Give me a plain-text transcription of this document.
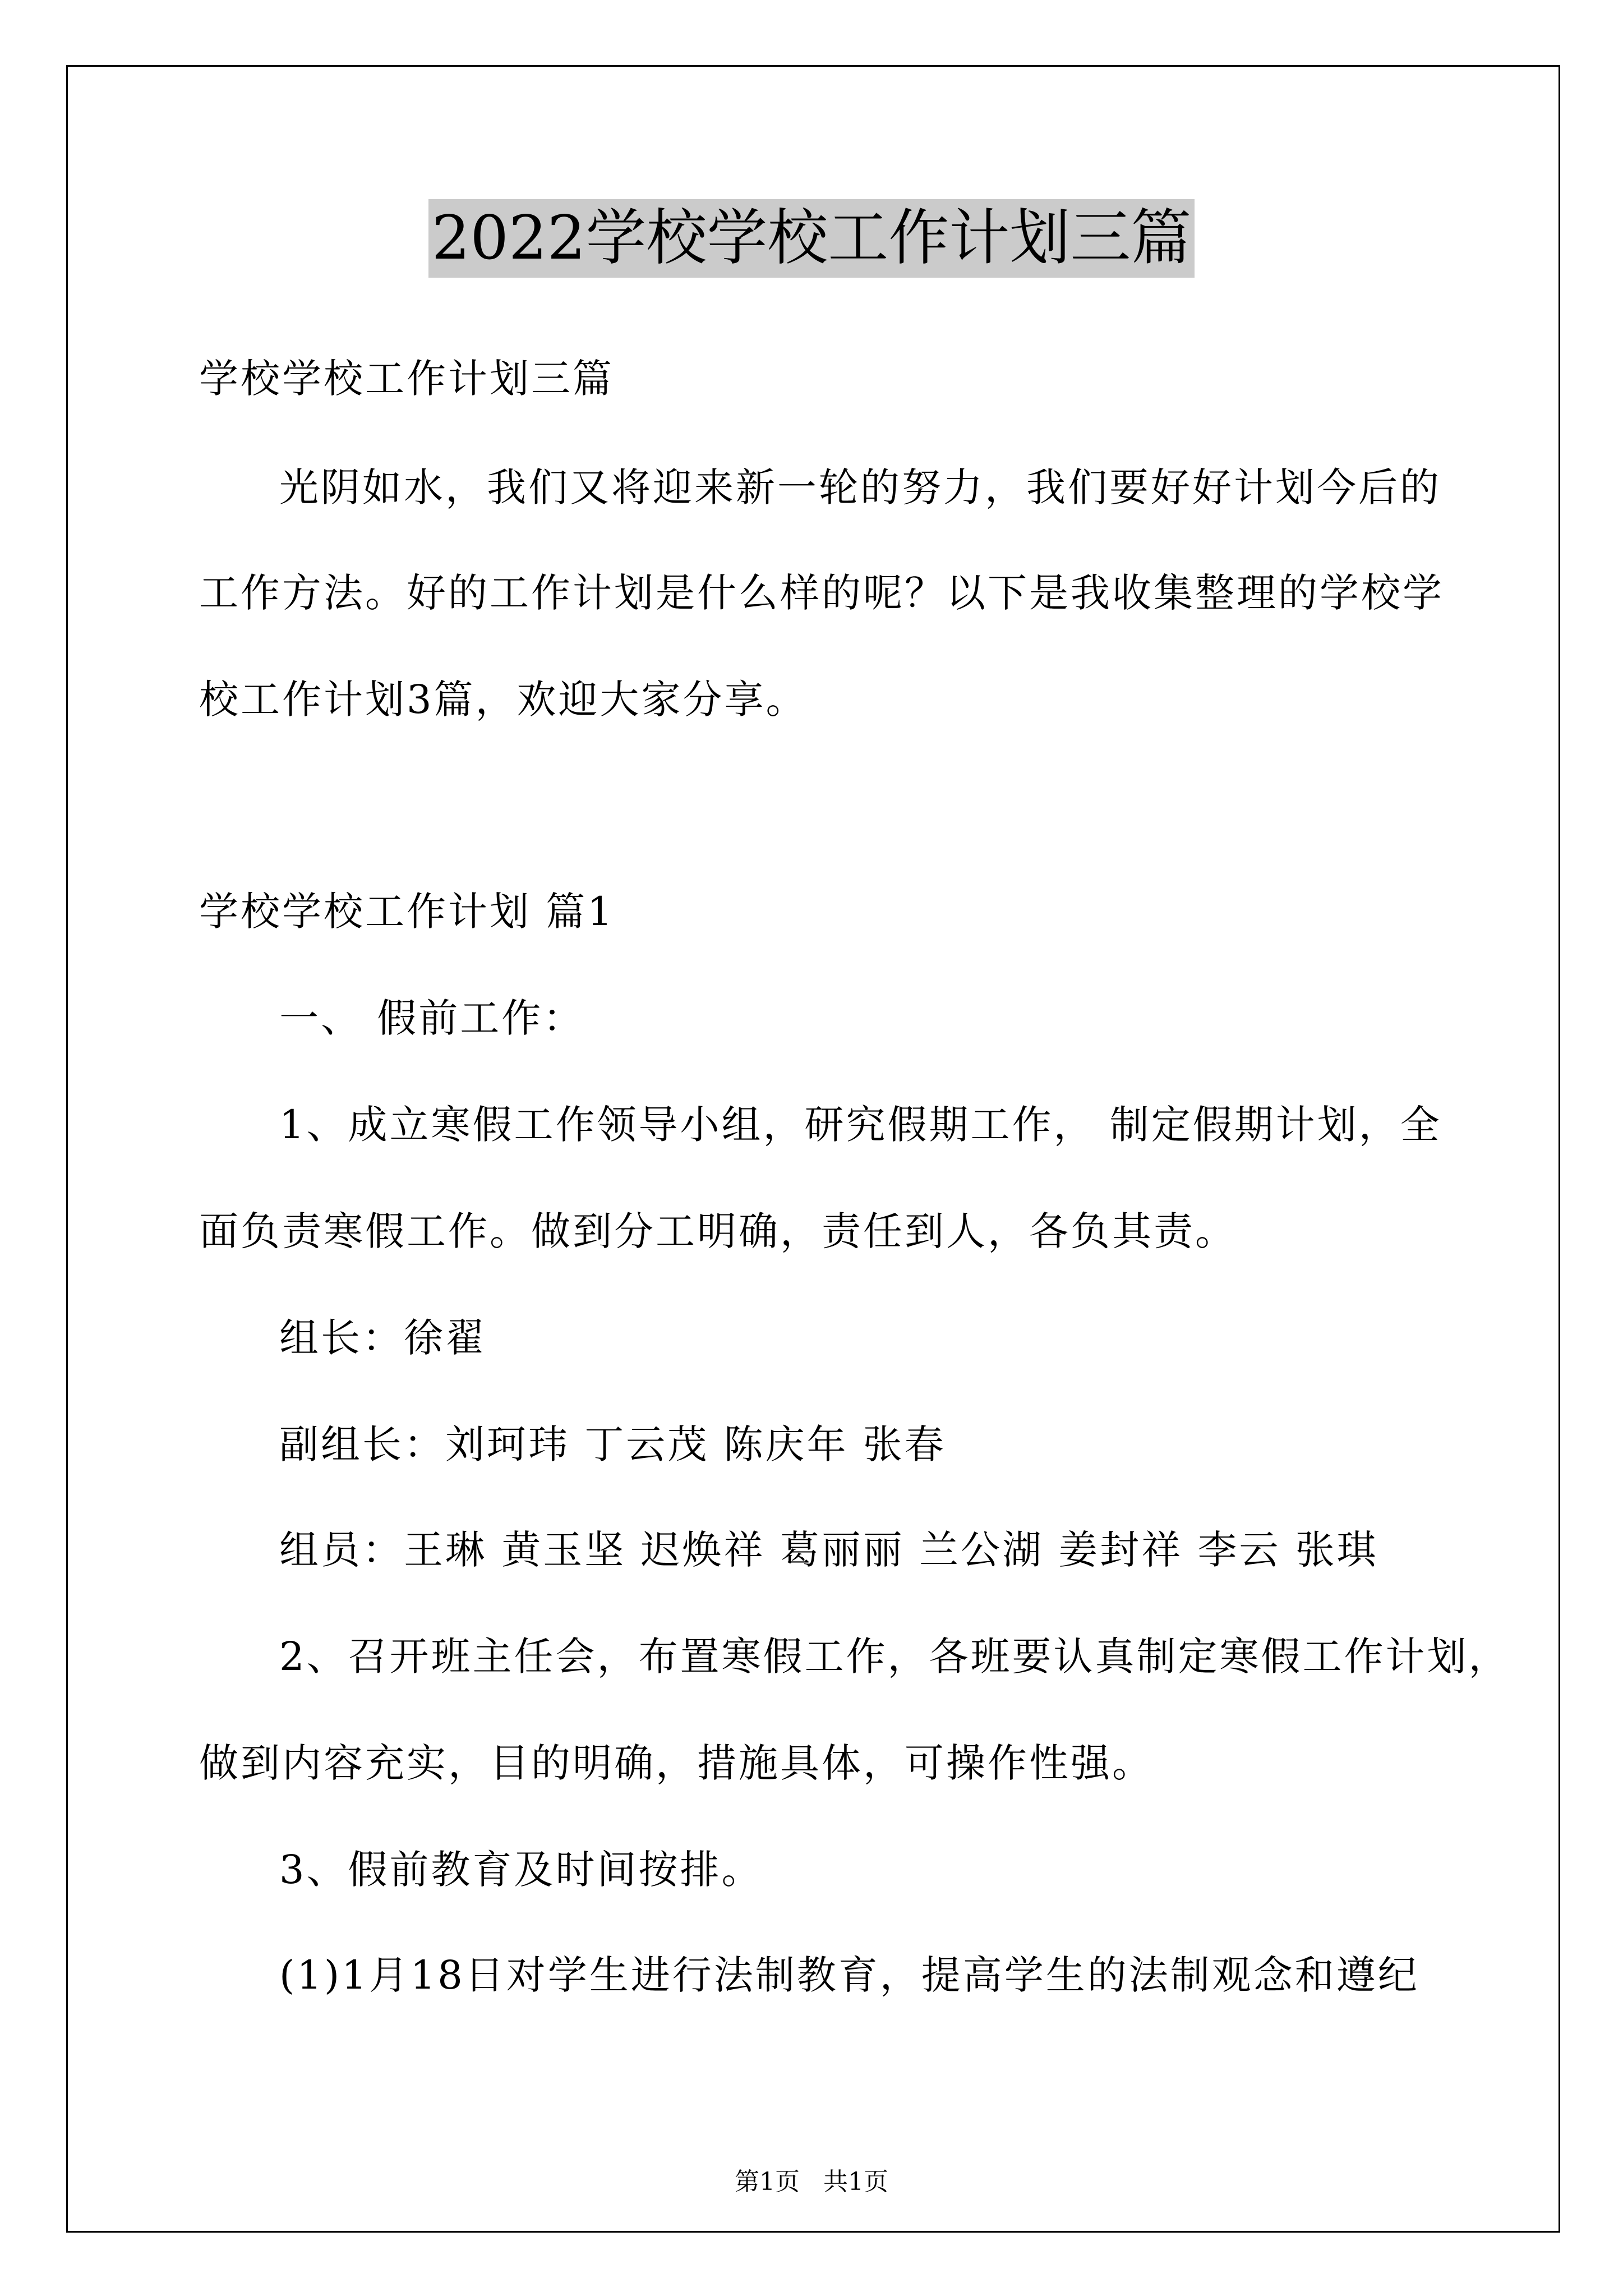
2022学校学校工作计划三篇
学校学校工作计划三篇
光阴如水，我们又将迎来新一轮的努力，我们要好好计划今后的
工作方法。好的工作计划是什么样的呢？以下是我收集整理的学校学
校工作计划3篇，欢迎大家分享。
学校学校工作计划 篇1
一、 假前工作：
1、成立寒假工作领导小组，研究假期工作， 制定假期计划，全
面负责寒假工作。做到分工明确，责任到人，各负其责。
组长：徐翟
副组长：刘珂玮 丁云茂 陈庆年 张春
组员：王琳 黄玉坚 迟焕祥 葛丽丽 兰公湖 姜封祥 李云 张琪
2、召开班主任会，布置寒假工作，各班要认真制定寒假工作计划，
做到内容充实，目的明确，措施具体，可操作性强。
3、假前教育及时间按排。
(1)1月18日对学生进行法制教育，提高学生的法制观念和遵纪
第1页   共1页
